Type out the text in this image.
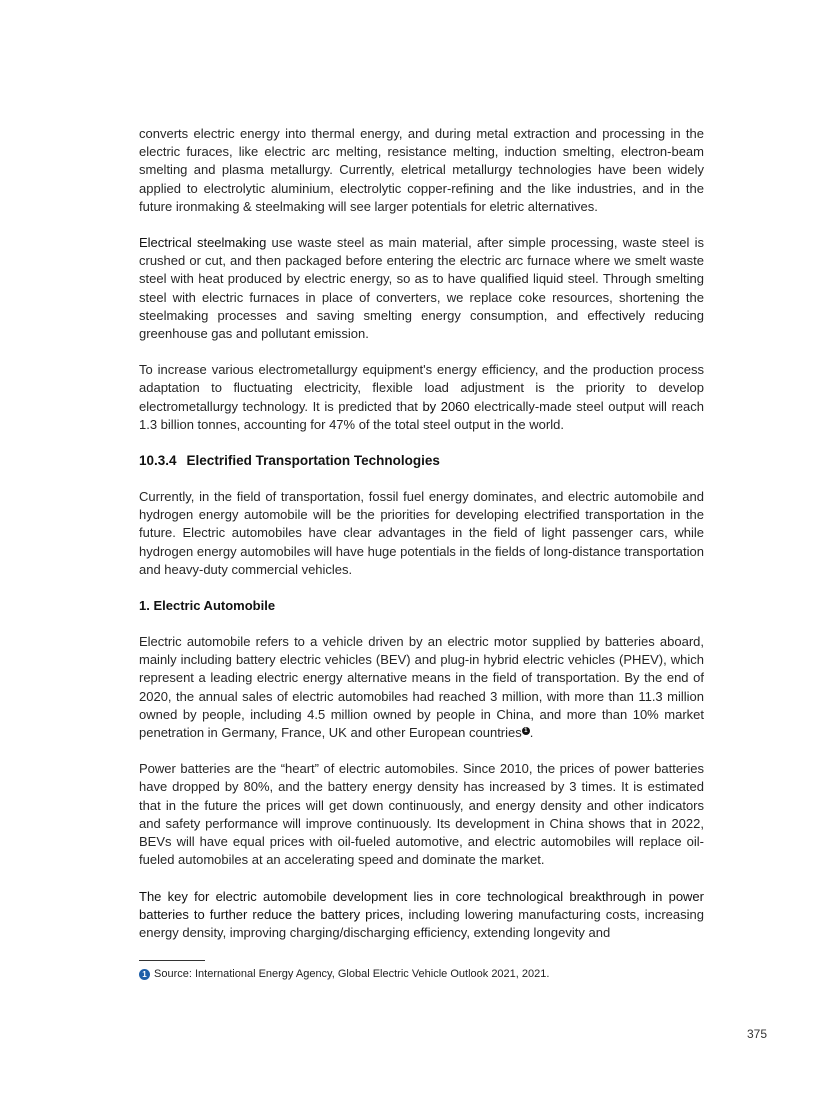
converts electric energy into thermal energy, and during metal extraction and processing in the electric furaces, like electric arc melting, resistance melting, induction smelting, electron-beam smelting and plasma metallurgy. Currently, eletrical metallurgy technologies have been widely applied to electrolytic aluminium, electrolytic copper-refining and the like industries, and in the future ironmaking & steelmaking will see larger potentials for eletric alternatives.

Electrical steelmaking use waste steel as main material, after simple processing, waste steel is crushed or cut, and then packaged before entering the electric arc furnace where we smelt waste steel with heat produced by electric energy, so as to have qualified liquid steel. Through smelting steel with electric furnaces in place of converters, we replace coke resources, shortening the steelmaking processes and saving smelting energy consumption, and effectively reducing greenhouse gas and pollutant emission.

To increase various electrometallurgy equipment's energy efficiency, and the production process adaptation to fluctuating electricity, flexible load adjustment is the priority to develop electrometallurgy technology. It is predicted that by 2060 electrically-made steel output will reach 1.3 billion tonnes, accounting for 47% of the total steel output in the world.

10.3.4 Electrified Transportation Technologies

Currently, in the field of transportation, fossil fuel energy dominates, and electric automobile and hydrogen energy automobile will be the priorities for developing electrified transportation in the future. Electric automobiles have clear advantages in the field of light passenger cars, while hydrogen energy automobiles will have huge potentials in the fields of long-distance transportation and heavy-duty commercial vehicles.

1. Electric Automobile

Electric automobile refers to a vehicle driven by an electric motor supplied by batteries aboard, mainly including battery electric vehicles (BEV) and plug-in hybrid electric vehicles (PHEV), which represent a leading electric energy alternative means in the field of transportation. By the end of 2020, the annual sales of electric automobiles had reached 3 million, with more than 11.3 million owned by people, including 4.5 million owned by people in China, and more than 10% market penetration in Germany, France, UK and other European countries 1 .

Power batteries are the “heart” of electric automobiles. Since 2010, the prices of power batteries have dropped by 80%, and the battery energy density has increased by 3 times. It is estimated that in the future the prices will get down continuously, and energy density and other indicators and safety performance will improve continuously. Its development in China shows that in 2022, BEVs will have equal prices with oil-fueled automotive, and electric automobiles will replace oil-fueled automobiles at an accelerating speed and dominate the market.

The key for electric automobile development lies in core technological breakthrough in power batteries to further reduce the battery prices, including lowering manufacturing costs, increasing energy density, improving charging/discharging efficiency, extending longevity and

1 Source: International Energy Agency, Global Electric Vehicle Outlook 2021, 2021.
375
